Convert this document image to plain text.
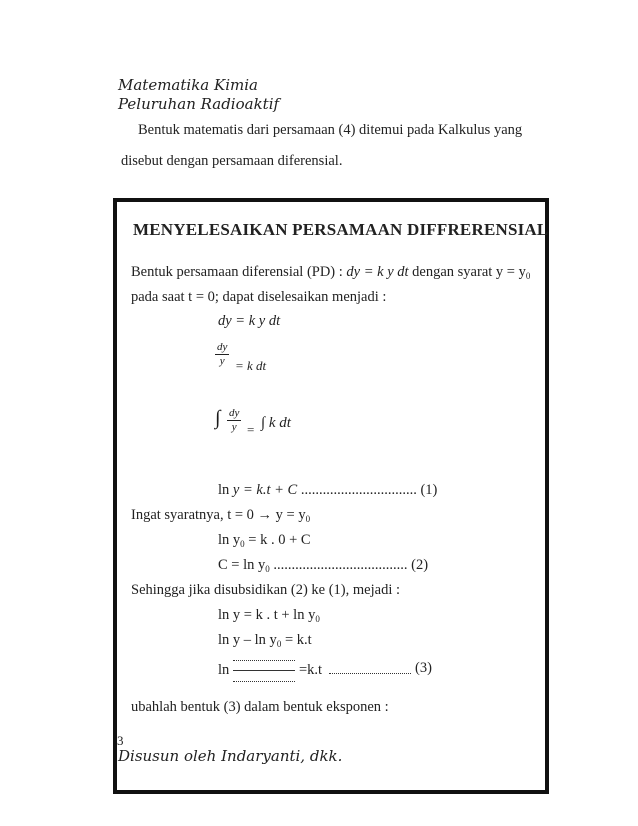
Matematika Kimia
Peluruhan Radioaktif
Bentuk matematis dari persamaan (4) ditemui pada Kalkulus yang
disebut dengan persamaan diferensial.
MENYELESAIKAN PERSAMAAN DIFFRERENSIAL
Bentuk persamaan diferensial (PD) : dy = k y dt dengan syarat $y = y_0$
pada saat t = 0; dapat diselesaikan menjadi :
dy = k y dt
$\frac{dy}{y} = k$ dt
∫ $\frac{dy}{y}$ = ∫ k dt
ln y = k.t + C ................................ (1)
Ingat syaratnya, $t = 0 \to y = y_0$
$\ln y_0 = k$ . 0 + C
$C = \ln y_0$ ..................................... (2)
Sehingga jika disubsidikan (2) ke (1), mejadi :
ln y = k . $t + \ln y_0$
$\ln y - \ln y_0 = k.t$
ln	=k.t	(3)
ubahlah bentuk (3) dalam bentuk eksponen :
3
Disusun oleh Indaryanti, dkk.
